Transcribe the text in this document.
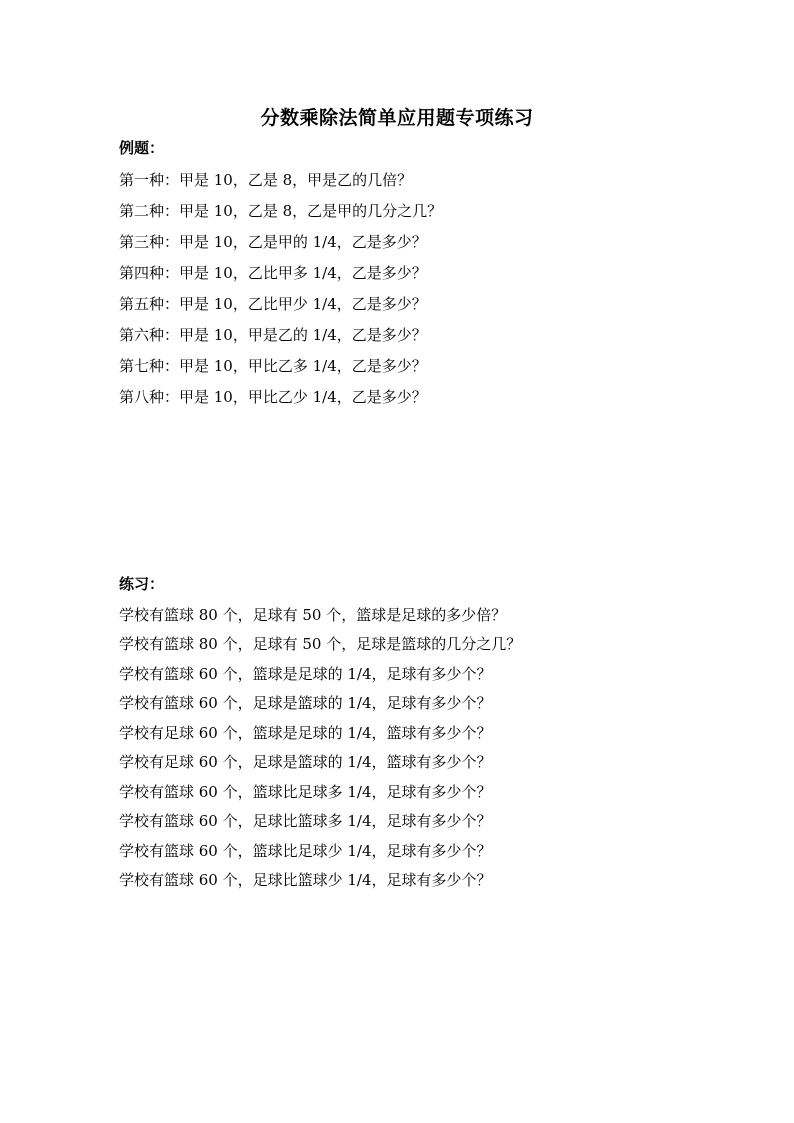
分数乘除法简单应用题专项练习
例题：
第一种：甲是 10，乙是 8，甲是乙的几倍？
第二种：甲是 10，乙是 8，乙是甲的几分之几？
第三种：甲是 10，乙是甲的 1/4，乙是多少？
第四种：甲是 10，乙比甲多 1/4，乙是多少？
第五种：甲是 10，乙比甲少 1/4，乙是多少？
第六种：甲是 10，甲是乙的 1/4，乙是多少？
第七种：甲是 10，甲比乙多 1/4，乙是多少？
第八种：甲是 10，甲比乙少 1/4，乙是多少？
练习：
学校有篮球 80 个，足球有 50 个，篮球是足球的多少倍？
学校有篮球 80 个，足球有 50 个，足球是篮球的几分之几？
学校有篮球 60 个，篮球是足球的 1/4，足球有多少个？
学校有篮球 60 个，足球是篮球的 1/4，足球有多少个？
学校有足球 60 个，篮球是足球的 1/4，篮球有多少个？
学校有足球 60 个，足球是篮球的 1/4，篮球有多少个？
学校有篮球 60 个，篮球比足球多 1/4，足球有多少个？
学校有篮球 60 个，足球比篮球多 1/4，足球有多少个？
学校有篮球 60 个，篮球比足球少 1/4，足球有多少个？
学校有篮球 60 个，足球比篮球少 1/4，足球有多少个？
